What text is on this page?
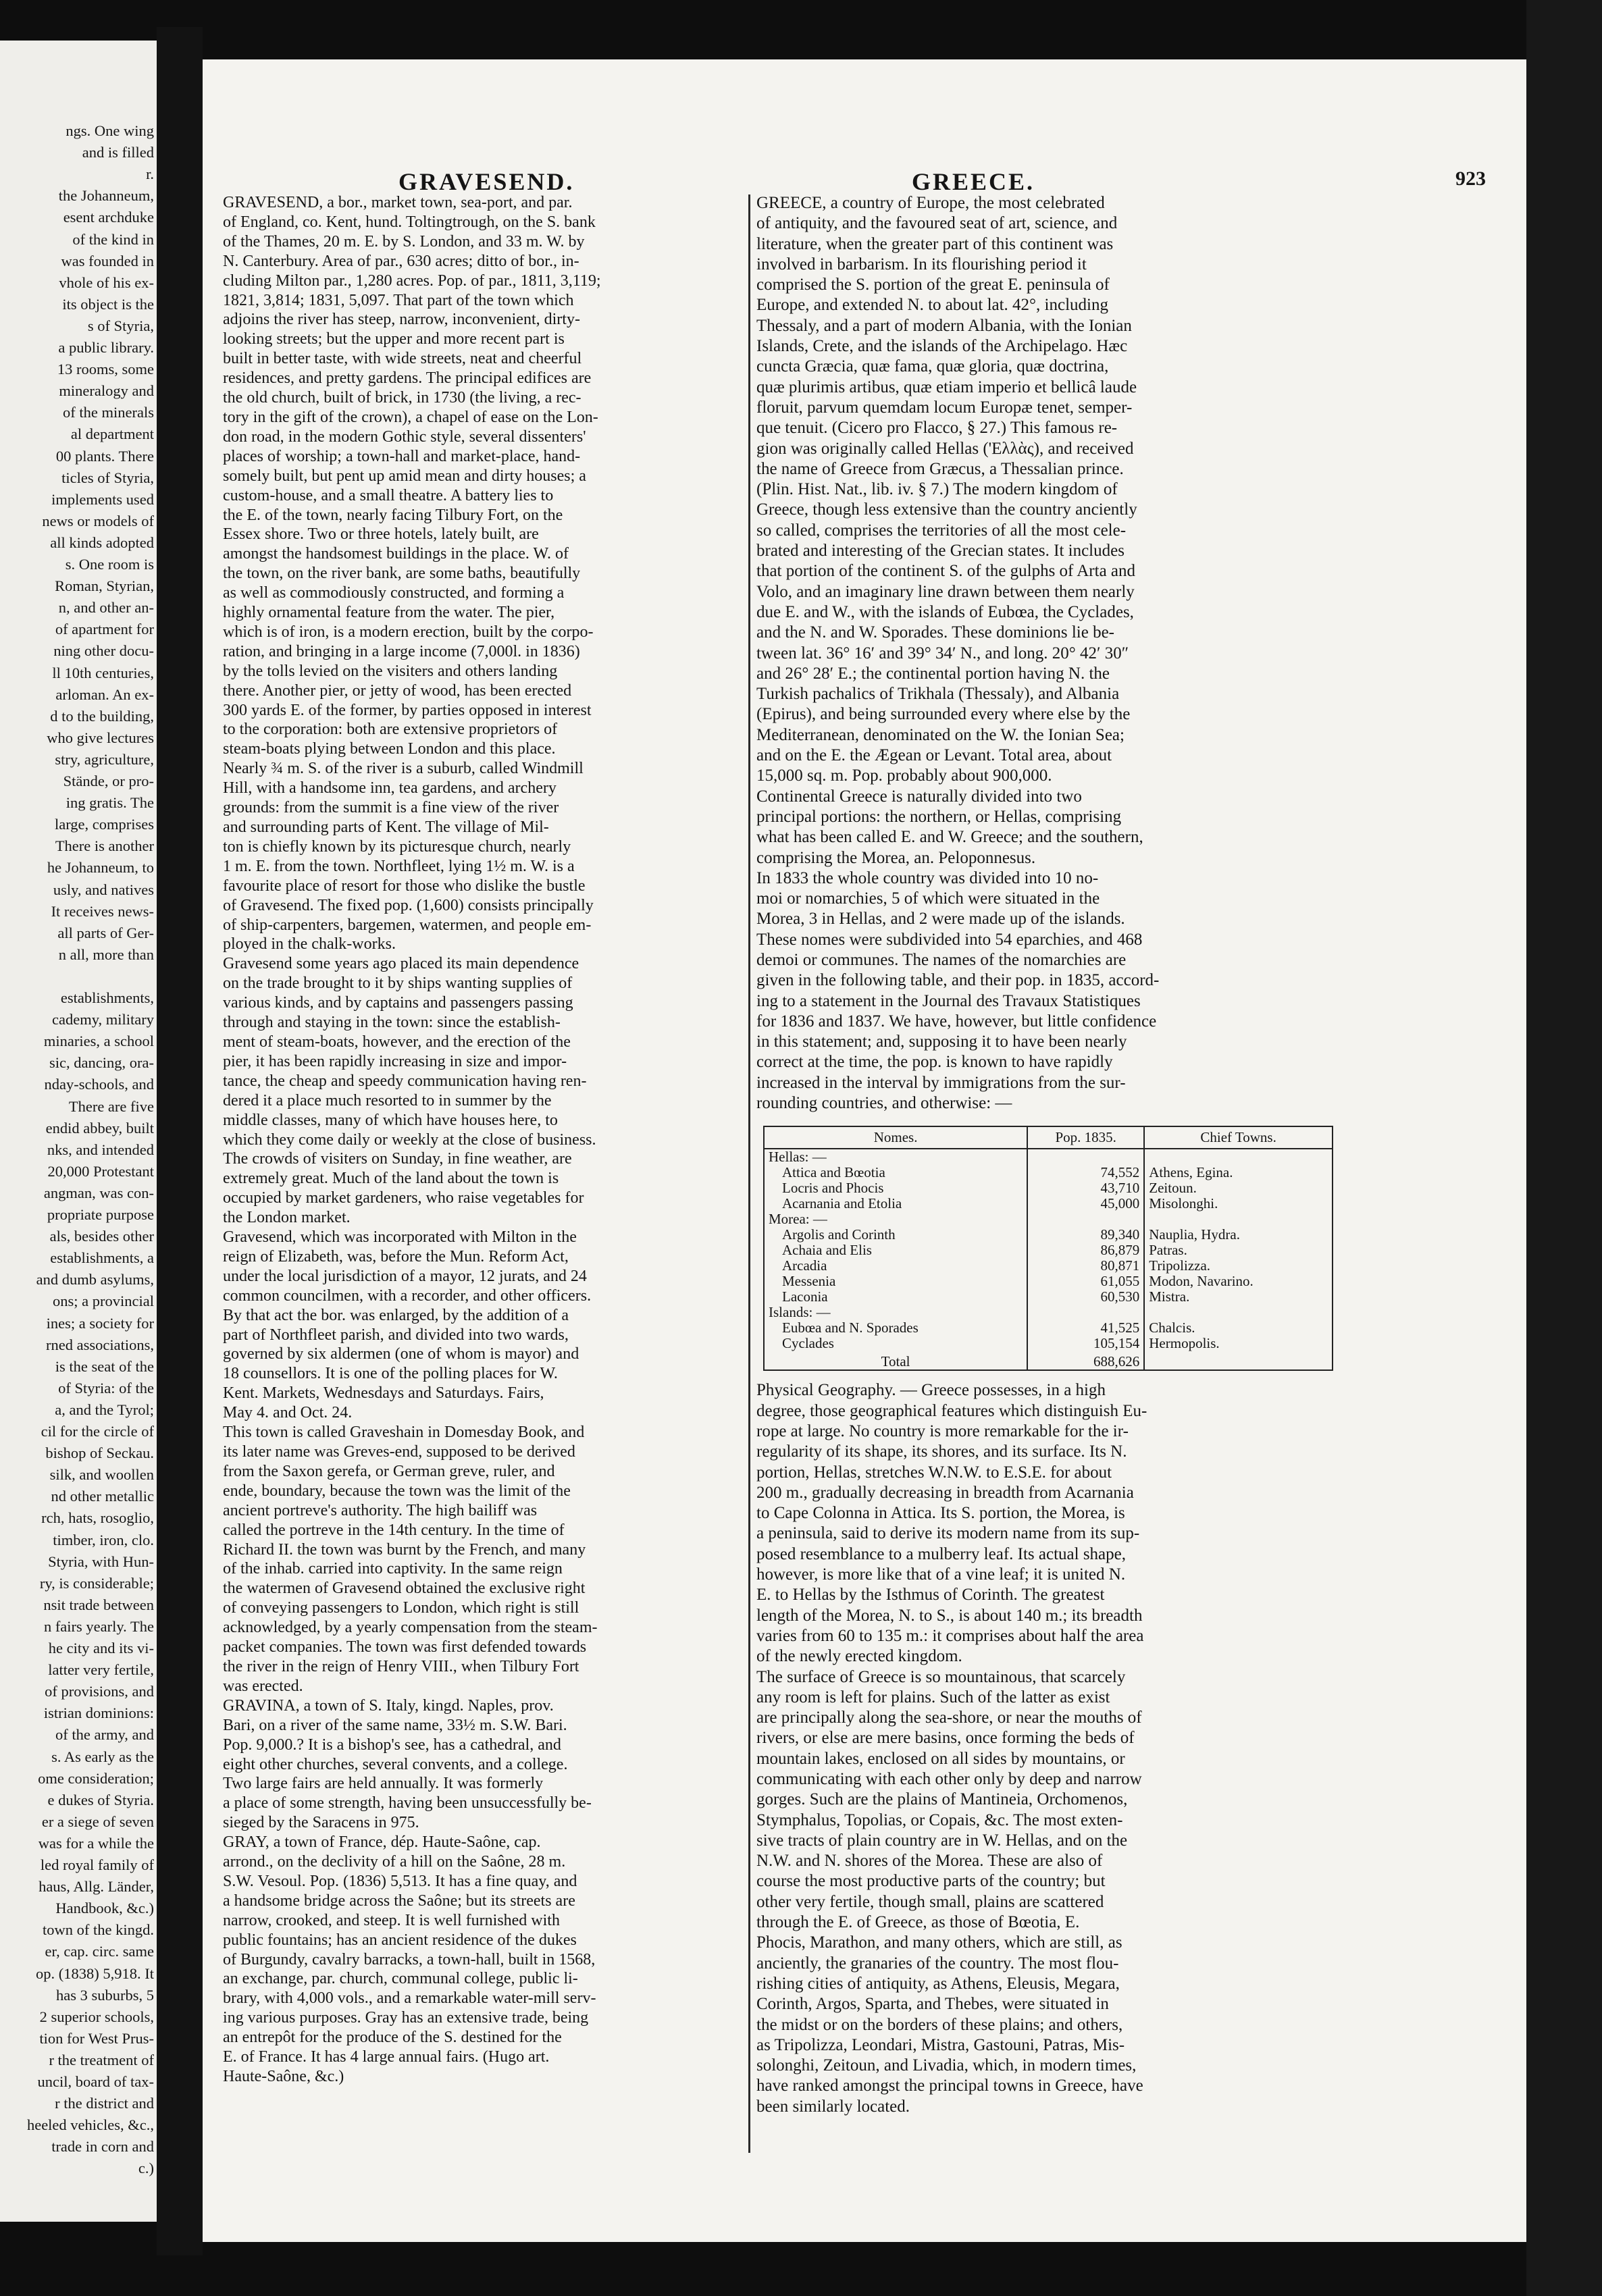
ngs. One wing
and is filled
r.
the Johanneum,
esent archduke
of the kind in
was founded in
vhole of his ex-
its object is the
s of Styria,
a public library.
13 rooms, some
mineralogy and
of the minerals
al department
00 plants. There
ticles of Styria,
implements used
news or models of
all kinds adopted
s. One room is
Roman, Styrian,
n, and other an-
of apartment for
ning other docu-
ll 10th centuries,
arloman. An ex-
d to the building,
who give lectures
stry, agriculture,
Stände, or pro-
ing gratis. The
large, comprises
There is another
he Johanneum, to
usly, and natives
It receives news-
all parts of Ger-
n all, more than
establishments,
cademy, military
minaries, a school
sic, dancing, ora-
nday-schools, and
There are five
endid abbey, built
nks, and intended
20,000 Protestant
angman, was con-
propriate purpose
als, besides other
establishments, a
and dumb asylums,
ons; a provincial
ines; a society for
rned associations,
is the seat of the
of Styria: of the
a, and the Tyrol;
cil for the circle of
bishop of Seckau.
silk, and woollen
nd other metallic
rch, hats, rosoglio,
timber, iron, clo.
Styria, with Hun-
ry, is considerable;
nsit trade between
n fairs yearly. The
he city and its vi-
latter very fertile,
of provisions, and
istrian dominions:
of the army, and
s. As early as the
ome consideration;
e dukes of Styria.
er a siege of seven
was for a while the
led royal family of
haus, Allg. Länder,
Handbook, &c.)
town of the kingd.
er, cap. circ. same
op. (1838) 5,918. It
has 3 suburbs, 5
2 superior schools,
tion for West Prus-
r the treatment of
uncil, board of tax-
r the district and
heeled vehicles, &c.,
trade in corn and
c.)
GRAVESEND.	GREECE.	923
GRAVESEND, a bor., market town, sea-port, and par.
of England, co. Kent, hund. Toltingtrough, on the S. bank
of the Thames, 20 m. E. by S. London, and 33 m. W. by
N. Canterbury. Area of par., 630 acres; ditto of bor., in-
cluding Milton par., 1,280 acres. Pop. of par., 1811, 3,119;
1821, 3,814; 1831, 5,097. That part of the town which
adjoins the river has steep, narrow, inconvenient, dirty-
looking streets; but the upper and more recent part is
built in better taste, with wide streets, neat and cheerful
residences, and pretty gardens. The principal edifices are
the old church, built of brick, in 1730 (the living, a rec-
tory in the gift of the crown), a chapel of ease on the Lon-
don road, in the modern Gothic style, several dissenters'
places of worship; a town-hall and market-place, hand-
somely built, but pent up amid mean and dirty houses; a
custom-house, and a small theatre. A battery lies to
the E. of the town, nearly facing Tilbury Fort, on the
Essex shore. Two or three hotels, lately built, are
amongst the handsomest buildings in the place. W. of
the town, on the river bank, are some baths, beautifully
as well as commodiously constructed, and forming a
highly ornamental feature from the water. The pier,
which is of iron, is a modern erection, built by the corpo-
ration, and bringing in a large income (7,000l. in 1836)
by the tolls levied on the visiters and others landing
there. Another pier, or jetty of wood, has been erected
300 yards E. of the former, by parties opposed in interest
to the corporation: both are extensive proprietors of
steam-boats plying between London and this place.
Nearly ¾ m. S. of the river is a suburb, called Windmill
Hill, with a handsome inn, tea gardens, and archery
grounds: from the summit is a fine view of the river
and surrounding parts of Kent. The village of Mil-
ton is chiefly known by its picturesque church, nearly
1 m. E. from the town. Northfleet, lying 1½ m. W. is a
favourite place of resort for those who dislike the bustle
of Gravesend. The fixed pop. (1,600) consists principally
of ship-carpenters, bargemen, watermen, and people em-
ployed in the chalk-works.
Gravesend some years ago placed its main dependence
on the trade brought to it by ships wanting supplies of
various kinds, and by captains and passengers passing
through and staying in the town: since the establish-
ment of steam-boats, however, and the erection of the
pier, it has been rapidly increasing in size and impor-
tance, the cheap and speedy communication having ren-
dered it a place much resorted to in summer by the
middle classes, many of which have houses here, to
which they come daily or weekly at the close of business.
The crowds of visiters on Sunday, in fine weather, are
extremely great. Much of the land about the town is
occupied by market gardeners, who raise vegetables for
the London market.
Gravesend, which was incorporated with Milton in the
reign of Elizabeth, was, before the Mun. Reform Act,
under the local jurisdiction of a mayor, 12 jurats, and 24
common councilmen, with a recorder, and other officers.
By that act the bor. was enlarged, by the addition of a
part of Northfleet parish, and divided into two wards,
governed by six aldermen (one of whom is mayor) and
18 counsellors. It is one of the polling places for W.
Kent. Markets, Wednesdays and Saturdays. Fairs,
May 4. and Oct. 24.
This town is called Graveshain in Domesday Book, and
its later name was Greves-end, supposed to be derived
from the Saxon gerefa, or German greve, ruler, and
ende, boundary, because the town was the limit of the
ancient portreve's authority. The high bailiff was
called the portreve in the 14th century. In the time of
Richard II. the town was burnt by the French, and many
of the inhab. carried into captivity. In the same reign
the watermen of Gravesend obtained the exclusive right
of conveying passengers to London, which right is still
acknowledged, by a yearly compensation from the steam-
packet companies. The town was first defended towards
the river in the reign of Henry VIII., when Tilbury Fort
was erected.
GRAVINA, a town of S. Italy, kingd. Naples, prov.
Bari, on a river of the same name, 33½ m. S.W. Bari.
Pop. 9,000.? It is a bishop's see, has a cathedral, and
eight other churches, several convents, and a college.
Two large fairs are held annually. It was formerly
a place of some strength, having been unsuccessfully be-
sieged by the Saracens in 975.
GRAY, a town of France, dép. Haute-Saône, cap.
arrond., on the declivity of a hill on the Saône, 28 m.
S.W. Vesoul. Pop. (1836) 5,513. It has a fine quay, and
a handsome bridge across the Saône; but its streets are
narrow, crooked, and steep. It is well furnished with
public fountains; has an ancient residence of the dukes
of Burgundy, cavalry barracks, a town-hall, built in 1568,
an exchange, par. church, communal college, public li-
brary, with 4,000 vols., and a remarkable water-mill serv-
ing various purposes. Gray has an extensive trade, being
an entrepôt for the produce of the S. destined for the
E. of France. It has 4 large annual fairs. (Hugo art.
Haute-Saône, &c.)
GREECE, a country of Europe, the most celebrated
of antiquity, and the favoured seat of art, science, and
literature, when the greater part of this continent was
involved in barbarism. In its flourishing period it
comprised the S. portion of the great E. peninsula of
Europe, and extended N. to about lat. 42°, including
Thessaly, and a part of modern Albania, with the Ionian
Islands, Crete, and the islands of the Archipelago. Hæc
cuncta Græcia, quæ fama, quæ gloria, quæ doctrina,
quæ plurimis artibus, quæ etiam imperio et bellicâ laude
floruit, parvum quemdam locum Europæ tenet, semper-
que tenuit. (Cicero pro Flacco, § 27.) This famous re-
gion was originally called Hellas ('Ελλὰς), and received
the name of Greece from Græcus, a Thessalian prince.
(Plin. Hist. Nat., lib. iv. § 7.) The modern kingdom of
Greece, though less extensive than the country anciently
so called, comprises the territories of all the most cele-
brated and interesting of the Grecian states. It includes
that portion of the continent S. of the gulphs of Arta and
Volo, and an imaginary line drawn between them nearly
due E. and W., with the islands of Eubœa, the Cyclades,
and the N. and W. Sporades. These dominions lie be-
tween lat. 36° 16′ and 39° 34′ N., and long. 20° 42′ 30″
and 26° 28′ E.; the continental portion having N. the
Turkish pachalics of Trikhala (Thessaly), and Albania
(Epirus), and being surrounded every where else by the
Mediterranean, denominated on the W. the Ionian Sea;
and on the E. the Ægean or Levant. Total area, about
15,000 sq. m. Pop. probably about 900,000.
Continental Greece is naturally divided into two
principal portions: the northern, or Hellas, comprising
what has been called E. and W. Greece; and the southern,
comprising the Morea, an. Peloponnesus.
In 1833 the whole country was divided into 10 no-
moi or nomarchies, 5 of which were situated in the
Morea, 3 in Hellas, and 2 were made up of the islands.
These nomes were subdivided into 54 eparchies, and 468
demoi or communes. The names of the nomarchies are
given in the following table, and their pop. in 1835, accord-
ing to a statement in the Journal des Travaux Statistiques
for 1836 and 1837. We have, however, but little confidence
in this statement; and, supposing it to have been nearly
correct at the time, the pop. is known to have rapidly
increased in the interval by immigrations from the sur-
rounding countries, and otherwise: —
Nomes.	Pop. 1835.	Chief Towns.
Hellas: —		
Attica and Bœotia	74,552	Athens, Egina.
Locris and Phocis	43,710	Zeitoun.
Acarnania and Etolia	45,000	Misolonghi.
Morea: —		
Argolis and Corinth	89,340	Nauplia, Hydra.
Achaia and Elis	86,879	Patras.
Arcadia	80,871	Tripolizza.
Messenia	61,055	Modon, Navarino.
Laconia	60,530	Mistra.
Islands: —		
Eubœa and N. Sporades	41,525	Chalcis.
Cyclades	105,154	Hermopolis.
Total	688,626	
Physical Geography. — Greece possesses, in a high
degree, those geographical features which distinguish Eu-
rope at large. No country is more remarkable for the ir-
regularity of its shape, its shores, and its surface. Its N.
portion, Hellas, stretches W.N.W. to E.S.E. for about
200 m., gradually decreasing in breadth from Acarnania
to Cape Colonna in Attica. Its S. portion, the Morea, is
a peninsula, said to derive its modern name from its sup-
posed resemblance to a mulberry leaf. Its actual shape,
however, is more like that of a vine leaf; it is united N.
E. to Hellas by the Isthmus of Corinth. The greatest
length of the Morea, N. to S., is about 140 m.; its breadth
varies from 60 to 135 m.: it comprises about half the area
of the newly erected kingdom.
The surface of Greece is so mountainous, that scarcely
any room is left for plains. Such of the latter as exist
are principally along the sea-shore, or near the mouths of
rivers, or else are mere basins, once forming the beds of
mountain lakes, enclosed on all sides by mountains, or
communicating with each other only by deep and narrow
gorges. Such are the plains of Mantineia, Orchomenos,
Stymphalus, Topolias, or Copais, &c. The most exten-
sive tracts of plain country are in W. Hellas, and on the
N.W. and N. shores of the Morea. These are also of
course the most productive parts of the country; but
other very fertile, though small, plains are scattered
through the E. of Greece, as those of Bœotia, E.
Phocis, Marathon, and many others, which are still, as
anciently, the granaries of the country. The most flou-
rishing cities of antiquity, as Athens, Eleusis, Megara,
Corinth, Argos, Sparta, and Thebes, were situated in
the midst or on the borders of these plains; and others,
as Tripolizza, Leondari, Mistra, Gastouni, Patras, Mis-
solonghi, Zeitoun, and Livadia, which, in modern times,
have ranked amongst the principal towns in Greece, have
been similarly located.
